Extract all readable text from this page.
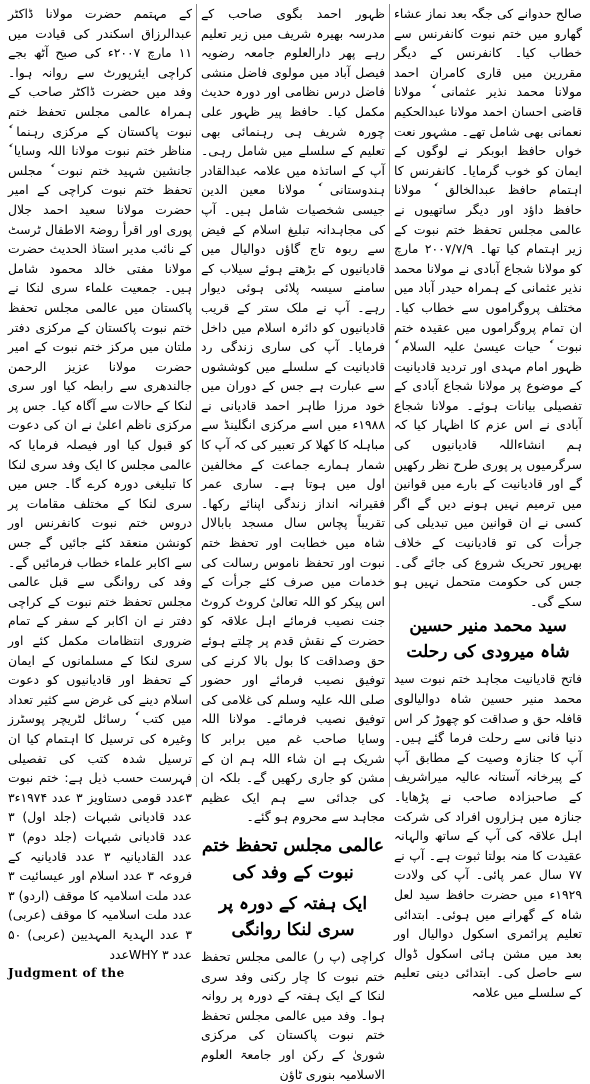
صالح حدوانے کی جگہ بعد نماز عشاء گھارو میں ختم نبوت کانفرنس سے خطاب کیا۔ کانفرنس کے دیگر مقررین میں قاری کامران احمد مولانا محمد نذیر عثمانی ٗ مولانا قاضی احسان احمد مولانا عبدالحکیم نعمانی بھی شامل تھے۔ مشہور نعت خواں حافظ ابوبکر نے لوگوں کے ایمان کو خوب گرمایا۔ کانفرنس کا اہتمام حافظ عبدالخالق ٗ مولانا حافظ داؤد اور دیگر ساتھیوں نے عالمی مجلس تحفظ ختم نبوت کے زیر اہتمام کیا تھا۔ ۲۰۰۷/۷/۹ مارچ کو مولانا شجاع آبادی نے مولانا محمد نذیر عثمانی کے ہمراہ حیدر آباد میں مختلف پروگراموں سے خطاب کیا۔ ان تمام پروگراموں میں عقیدہ ختم نبوت ٗ حیات عیسیٰ علیہ السلام ٗ ظہور امام مہدی اور تردید قادیانیت کے موضوع پر مولانا شجاع آبادی کے تفصیلی بیانات ہوئے۔ مولانا شجاع آبادی نے اس عزم کا اظہار کیا کہ ہم انشاءاللہ قادیانیوں کی سرگرمیوں پر پوری طرح نظر رکھیں گے اور قادیانیت کے بارے میں قوانین میں ترمیم نہیں ہونے دیں گے اگر کسی نے ان قوانین میں تبدیلی کی جرأت کی تو قادیانیت کے خلاف بھرپور تحریک شروع کی جائے گی۔ جس کی حکومت متحمل نہیں ہو سکے گی۔

سید محمد منیر حسین شاہ میرودی کی رحلت

فاتح قادیانیت مجاہد ختم نبوت سید محمد منیر حسین شاہ دوالیالوی قافلہ حق و صداقت کو چھوڑ کر اس دنیا فانی سے رحلت فرما گئے ہیں۔ آپ کا جنازہ وصیت کے مطابق آپ کے پیرخانہ آستانہ عالیہ میراشریف کے صاحبزادہ صاحب نے پڑھایا۔ جنازہ میں ہزاروں افراد کی شرکت اہل علاقہ کی آپ کے ساتھ والہانہ عقیدت کا منہ بولتا ثبوت ہے۔ آپ نے ۷۷ سال عمر پائی۔ آپ کی ولادت ۱۹۲۹ء میں حضرت حافظ سید لعل شاہ کے گھرانے میں ہوئی۔ ابتدائی تعلیم پرائمری اسکول دوالیال اور بعد میں مشن ہائی اسکول ڈوال سے حاصل کی۔ ابتدائی دینی تعلیم کے سلسلے میں علامہ

ظہور احمد بگوی صاحب کے مدرسہ بھیرہ شریف میں زیر تعلیم رہے پھر دارالعلوم جامعہ رضویہ فیصل آباد میں مولوی فاضل منشی فاضل درس نظامی اور دورہ حدیث مکمل کیا۔ حافظ پیر ظہور علی چورہ شریف ہی رہنمائی بھی تعلیم کے سلسلے میں شامل رہی۔ آپ کے اساتذہ میں علامہ عبدالقادر ہندوستانی ٗ مولانا معین الدین جیسی شخصیات شامل ہیں۔ آپ کی مجاہدانہ تبلیغ اسلام کے فیض سے ربوہ تاج گاؤں دوالیال میں قادیانیوں کے بڑھتے ہوئے سیلاب کے سامنے سیسہ پلائی ہوئی دیوار رہے۔ آپ نے ملک ستر کے قریب قادیانیوں کو دائرہ اسلام میں داخل فرمایا۔ آپ کی ساری زندگی رد قادیانیت کے سلسلے میں کوششوں سے عبارت ہے جس کے دوران میں خود مرزا طاہر احمد قادیانی نے ۱۹۸۸ء میں اسے مرکزی انگلینڈ سے مباہلہ کا کھلا کر تعبیر کی کہ آپ کا شمار ہمارے جماعت کے مخالفین اول میں ہوتا ہے۔ ساری عمر فقیرانہ انداز زندگی اپنائے رکھا۔ تقریباً پچاس سال مسجد بابالال شاہ میں خطابت اور تحفظ ختم نبوت اور تحفظ ناموس رسالت کی خدمات میں صرف کئے جرأت کے اس پیکر کو اللہ تعالیٰ کروٹ کروٹ جنت نصیب فرمائے اہل علاقہ کو حضرت کے نقش قدم پر چلتے ہوئے حق وصداقت کا بول بالا کرنے کی توفیق نصیب فرمائے اور حضور صلی اللہ علیہ وسلم کی غلامی کی توفیق نصیب فرمائے۔ مولانا اللہ وسایا صاحب غم میں برابر کا شریک ہے ان شاء اللہ ہم ان کے مشن کو جاری رکھیں گے۔ بلکہ ان کی جدائی سے ہم ایک عظیم مجاہد سے محروم ہو گئے۔

عالمی مجلس تحفظ ختم نبوت کے وفد کی
ایک ہفتہ کے دورہ پر سری لنکا روانگی

کراچی (پ ر) عالمی مجلس تحفظ ختم نبوت کا چار رکنی وفد سری لنکا کے ایک ہفتہ کے دورہ پر روانہ ہوا۔ وفد میں عالمی مجلس تحفظ ختم نبوت پاکستان کی مرکزی شوریٰ کے رکن اور جامعۃ العلوم الاسلامیہ بنوری ٹاؤن

کے مہتمم حضرت مولانا ڈاکٹر عبدالرزاق اسکندر کی قیادت میں ۱۱ مارچ ۲۰۰۷ء کی صبح آٹھ بجے کراچی ایئرپورٹ سے روانہ ہوا۔ وفد میں حضرت ڈاکٹر صاحب کے ہمراہ عالمی مجلس تحفظ ختم نبوت پاکستان کے مرکزی رہنما ٗ مناظر ختم نبوت مولانا اللہ وسایا ٗ جانشین شہید ختم نبوت ٗ مجلس تحفظ ختم نبوت کراچی کے امیر حضرت مولانا سعید احمد جلال پوری اور اقرأ روضۃ الاطفال ٹرسٹ کے نائب مدیر استاذ الحدیث حضرت مولانا مفتی خالد محمود شامل ہیں۔ جمعیت علماء سری لنکا نے پاکستان میں عالمی مجلس تحفظ ختم نبوت پاکستان کے مرکزی دفتر ملتان میں مرکز ختم نبوت کے امیر حضرت مولانا عزیز الرحمن جالندھری سے رابطہ کیا اور سری لنکا کے حالات سے آگاہ کیا۔ جس پر مرکزی ناظم اعلیٰ نے ان کی دعوت کو قبول کیا اور فیصلہ فرمایا کہ عالمی مجلس کا ایک وفد سری لنکا کا تبلیغی دورہ کرے گا۔ جس میں سری لنکا کے مختلف مقامات پر دروس ختم نبوت کانفرنس اور کونشن منعقد کئے جائیں گے جس سے اکابر علماء خطاب فرمائیں گے۔ وفد کی روانگی سے قبل عالمی مجلس تحفظ ختم نبوت کے کراچی دفتر نے ان اکابر کے سفر کے تمام ضروری انتظامات مکمل کئے اور سری لنکا کے مسلمانوں کے ایمان کے تحفظ اور قادیانیوں کو دعوت اسلام دینے کی غرض سے کثیر تعداد میں کتب ٗ رسائل لٹریچر پوسٹرز وغیرہ کی ترسیل کا اہتمام کیا ان ترسیل شدہ کتب کی تفصیلی فہرست حسب ذیل ہے: ختم نبوت ۳عدد قومی دستاویز ۳ عدد ۱۹۷۴ء۳ عدد قادیانی شبہات (جلد اول) ۳ عدد قادیانی شبہات (جلد دوم) ۳ عدد القادیانیہ ۳ عدد قادیانیہ کے فروعہ ۳ عدد اسلام اور عیسائیت ۳ عدد ملت اسلامیہ کا موقف (اردو) ۳ عدد ملت اسلامیہ کا موقف (عربی) ۳ عدد الہدیۃ المہدیین (عربی) ۵۰ عدد WHY ۳عدد

Judgment of the
